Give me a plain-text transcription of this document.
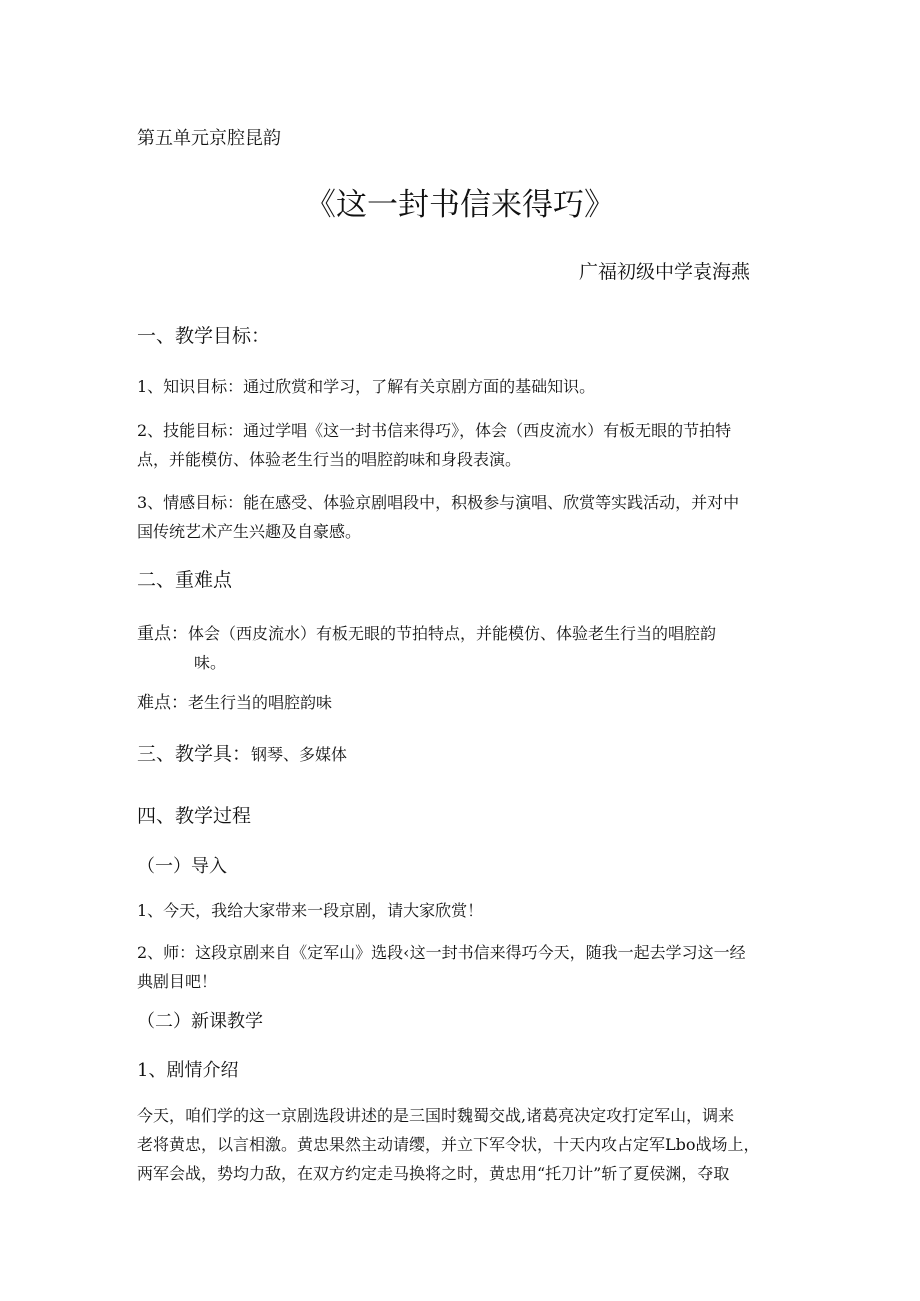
第五单元京腔昆韵
《这一封书信来得巧》
广福初级中学袁海燕
一、教学目标：
1、知识目标：通过欣赏和学习，了解有关京剧方面的基础知识。
2、技能目标：通过学唱《这一封书信来得巧》，体会（西皮流水）有板无眼的节拍特
点，并能模仿、体验老生行当的唱腔韵味和身段表演。
3、情感目标：能在感受、体验京剧唱段中，积极参与演唱、欣赏等实践活动，并对中
国传统艺术产生兴趣及自豪感。
二、重难点
重点：体会（西皮流水）有板无眼的节拍特点，并能模仿、体验老生行当的唱腔韵
味。
难点：老生行当的唱腔韵味
三、教学具：钢琴、多媒体
四、教学过程
（一）导入
1、今天，我给大家带来一段京剧，请大家欣赏！
2、师：这段京剧来自《定军山》选段‹这一封书信来得巧今天，随我一起去学习这一经
典剧目吧！
（二）新课教学
1、剧情介绍
今天，咱们学的这一京剧选段讲述的是三国时魏蜀交战,诸葛亮决定攻打定军山，调来
老将黄忠，以言相激。黄忠果然主动请缨，并立下军令状，十天内攻占定军Lbo战场上，
两军会战，势均力敌，在双方约定走马换将之时，黄忠用“托刀计”斩了夏侯渊，夺取
